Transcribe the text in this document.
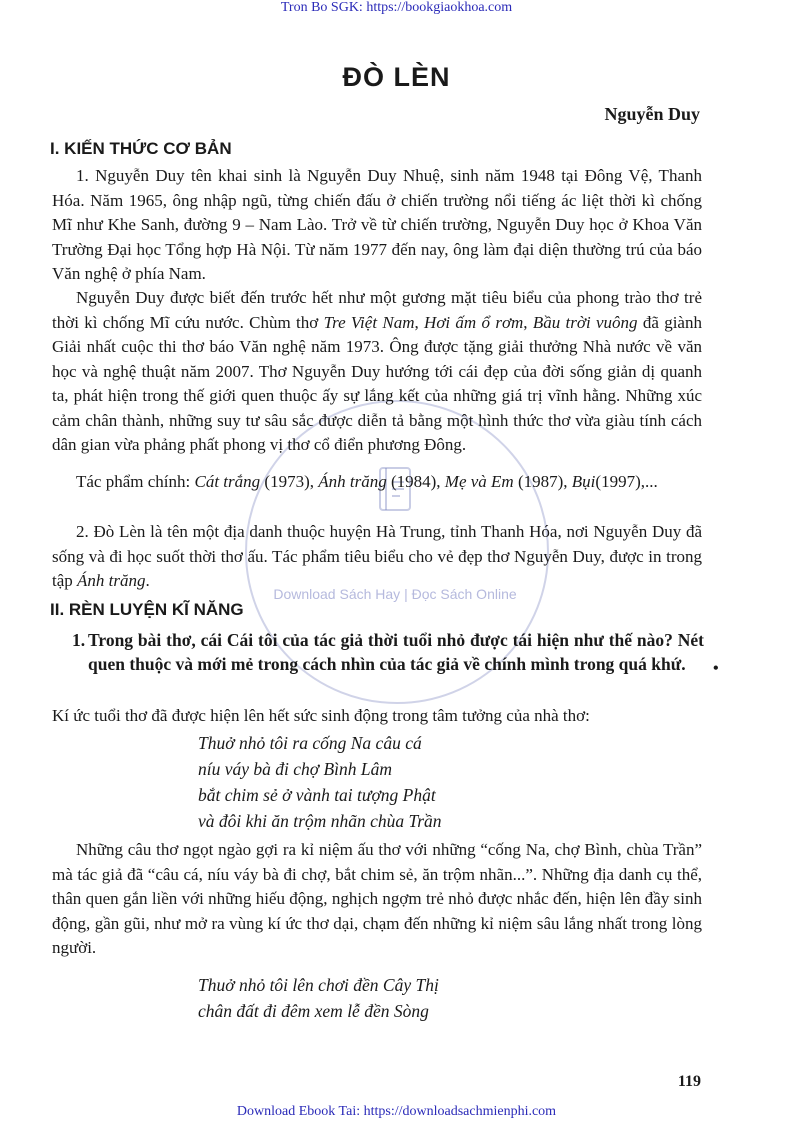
Download Sách Hay | Đọc Sách Online
Tron Bo SGK: https://bookgiaokhoa.com
ĐÒ LÈN
Nguyễn Duy
I. KIẾN THỨC CƠ BẢN

1. Nguyễn Duy tên khai sinh là Nguyễn Duy Nhuệ, sinh năm 1948 tại Đông Vệ, Thanh Hóa. Năm 1965, ông nhập ngũ, từng chiến đấu ở chiến trường nổi tiếng ác liệt thời kì chống Mĩ như Khe Sanh, đường 9 – Nam Lào. Trở về từ chiến trường, Nguyễn Duy học ở Khoa Văn Trường Đại học Tổng hợp Hà Nội. Từ năm 1977 đến nay, ông làm đại diện thường trú của báo Văn nghệ ở phía Nam.

Nguyễn Duy được biết đến trước hết như một gương mặt tiêu biểu của phong trào thơ trẻ thời kì chống Mĩ cứu nước. Chùm thơ Tre Việt Nam, Hơi ấm ổ rơm, Bầu trời vuông đã giành Giải nhất cuộc thi thơ báo Văn nghệ năm 1973. Ông được tặng giải thưởng Nhà nước về văn học và nghệ thuật năm 2007. Thơ Nguyễn Duy hướng tới cái đẹp của đời sống giản dị quanh ta, phát hiện trong thế giới quen thuộc ấy sự lắng kết của những giá trị vĩnh hằng. Những xúc cảm chân thành, những suy tư sâu sắc được diễn tả bằng một hình thức thơ vừa giàu tính cách dân gian vừa phảng phất phong vị thơ cổ điển phương Đông.

Tác phẩm chính: Cát trắng (1973), Ánh trăng (1984), Mẹ và Em (1987), Bụi(1997),...

2. Đò Lèn là tên một địa danh thuộc huyện Hà Trung, tỉnh Thanh Hóa, nơi Nguyễn Duy đã sống và đi học suốt thời thơ ấu. Tác phẩm tiêu biểu cho vẻ đẹp thơ Nguyễn Duy, được in trong tập Ánh trăng.

II. RÈN LUYỆN KĨ NĂNG
1. Trong bài thơ, cái Cái tôi của tác giả thời tuổi nhỏ được tái hiện như thế nào? Nét quen thuộc và mới mẻ trong cách nhìn của tác giả về chính mình trong quá khứ.	•

Kí ức tuổi thơ đã được hiện lên hết sức sinh động trong tâm tưởng của nhà thơ:

Thuở nhỏ tôi ra cống Na câu cá
níu váy bà đi chợ Bình Lâm
bắt chim sẻ ở vành tai tượng Phật
và đôi khi ăn trộm nhãn chùa Trần

Những câu thơ ngọt ngào gợi ra kỉ niệm ấu thơ với những “cống Na, chợ Bình, chùa Trần” mà tác giả đã “câu cá, níu váy bà đi chợ, bắt chim sẻ, ăn trộm nhãn...”. Những địa danh cụ thể, thân quen gắn liền với những hiếu động, nghịch ngợm trẻ nhỏ được nhắc đến, hiện lên đầy sinh động, gần gũi, như mở ra vùng kí ức thơ dại, chạm đến những kỉ niệm sâu lắng nhất trong lòng người.

Thuở nhỏ tôi lên chơi đền Cây Thị
chân đất đi đêm xem lễ đền Sòng
119
Download Ebook Tai: https://downloadsachmienphi.com
